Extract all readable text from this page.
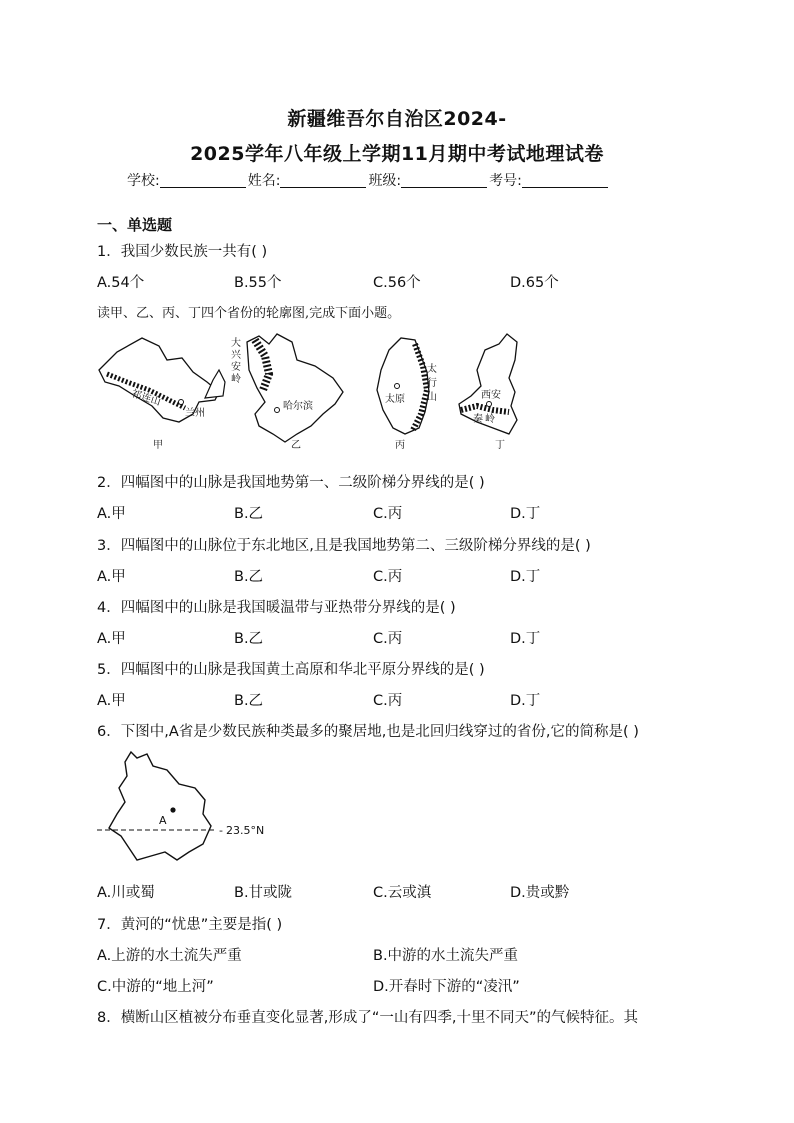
新疆维吾尔自治区2024-
2025学年八年级上学期11月期中考试地理试卷
学校:	姓名:	班级:	考号:
一、单选题
1．我国少数民族一共有( )
A.54个	B.55个	C.56个	D.65个
读甲、乙、丙、丁四个省份的轮廓图,完成下面小题。
祁连山
兰州
甲
大
兴
安
岭
哈尔滨
乙
太
行
山
太原
丙
西安
秦 岭
丁
2．四幅图中的山脉是我国地势第一、二级阶梯分界线的是( )
A.甲	B.乙	C.丙	D.丁
3．四幅图中的山脉位于东北地区,且是我国地势第二、三级阶梯分界线的是( )
A.甲	B.乙	C.丙	D.丁
4．四幅图中的山脉是我国暖温带与亚热带分界线的是( )
A.甲	B.乙	C.丙	D.丁
5．四幅图中的山脉是我国黄土高原和华北平原分界线的是( )
A.甲	B.乙	C.丙	D.丁
6．下图中,A省是少数民族种类最多的聚居地,也是北回归线穿过的省份,它的简称是( )
A
- 23.5°N
A.川或蜀	B.甘或陇	C.云或滇	D.贵或黔
7．黄河的“忧患”主要是指( )
A.上游的水土流失严重	B.中游的水土流失严重
C.中游的“地上河”	D.开春时下游的“凌汛”
8．横断山区植被分布垂直变化显著,形成了“一山有四季,十里不同天”的气候特征。其
